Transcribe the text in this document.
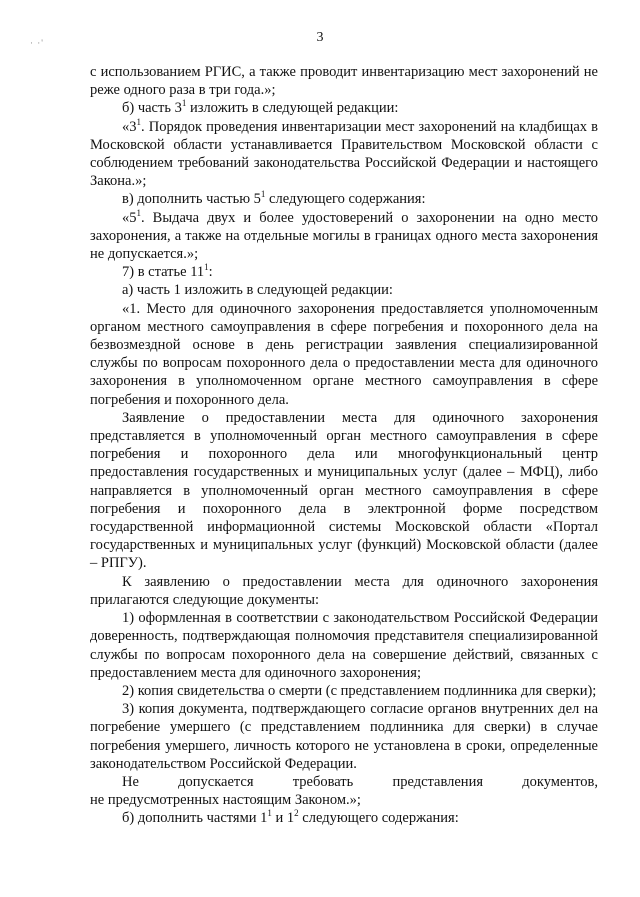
· ·'	3

с использованием РГИС, а также проводит инвентаризацию мест захоронений не реже одного раза в три года.»;

б) часть $3^1$ изложить в следующей редакции:

«$3^1$. Порядок проведения инвентаризации мест захоронений на кладбищах в Московской области устанавливается Правительством Московской области с соблюдением требований законодательства Российской Федерации и настоящего Закона.»;

в) дополнить частью $5^1$ следующего содержания:

«$5^1$. Выдача двух и более удостоверений о захоронении на одно место захоронения, а также на отдельные могилы в границах одного места захоронения не допускается.»;

7) в статье $11^1$:

а) часть 1 изложить в следующей редакции:

«1. Место для одиночного захоронения предоставляется уполномоченным органом местного самоуправления в сфере погребения и похоронного дела на безвозмездной основе в день регистрации заявления специализированной службы по вопросам похоронного дела о предоставлении места для одиночного захоронения в уполномоченном органе местного самоуправления в сфере погребения и похоронного дела.

Заявление о предоставлении места для одиночного захоронения представляется в уполномоченный орган местного самоуправления в сфере погребения и похоронного дела или многофункциональный центр предоставления государственных и муниципальных услуг (далее – МФЦ), либо направляется в уполномоченный орган местного самоуправления в сфере погребения и похоронного дела в электронной форме посредством государственной информационной системы Московской области «Портал государственных и муниципальных услуг (функций) Московской области (далее – РПГУ).

К заявлению о предоставлении места для одиночного захоронения прилагаются следующие документы:

1) оформленная в соответствии с законодательством Российской Федерации доверенность, подтверждающая полномочия представителя специализированной службы по вопросам похоронного дела на совершение действий, связанных с предоставлением места для одиночного захоронения;

2) копия свидетельства о смерти (с представлением подлинника для сверки);

3) копия документа, подтверждающего согласие органов внутренних дел на погребение умершего (с представлением подлинника для сверки) в случае погребения умершего, личность которого не установлена в сроки, определенные законодательством Российской Федерации.

Не допускается требовать представления документов,

не предусмотренных настоящим Законом.»;

б) дополнить частями $1^1$ и $1^2$ следующего содержания:
